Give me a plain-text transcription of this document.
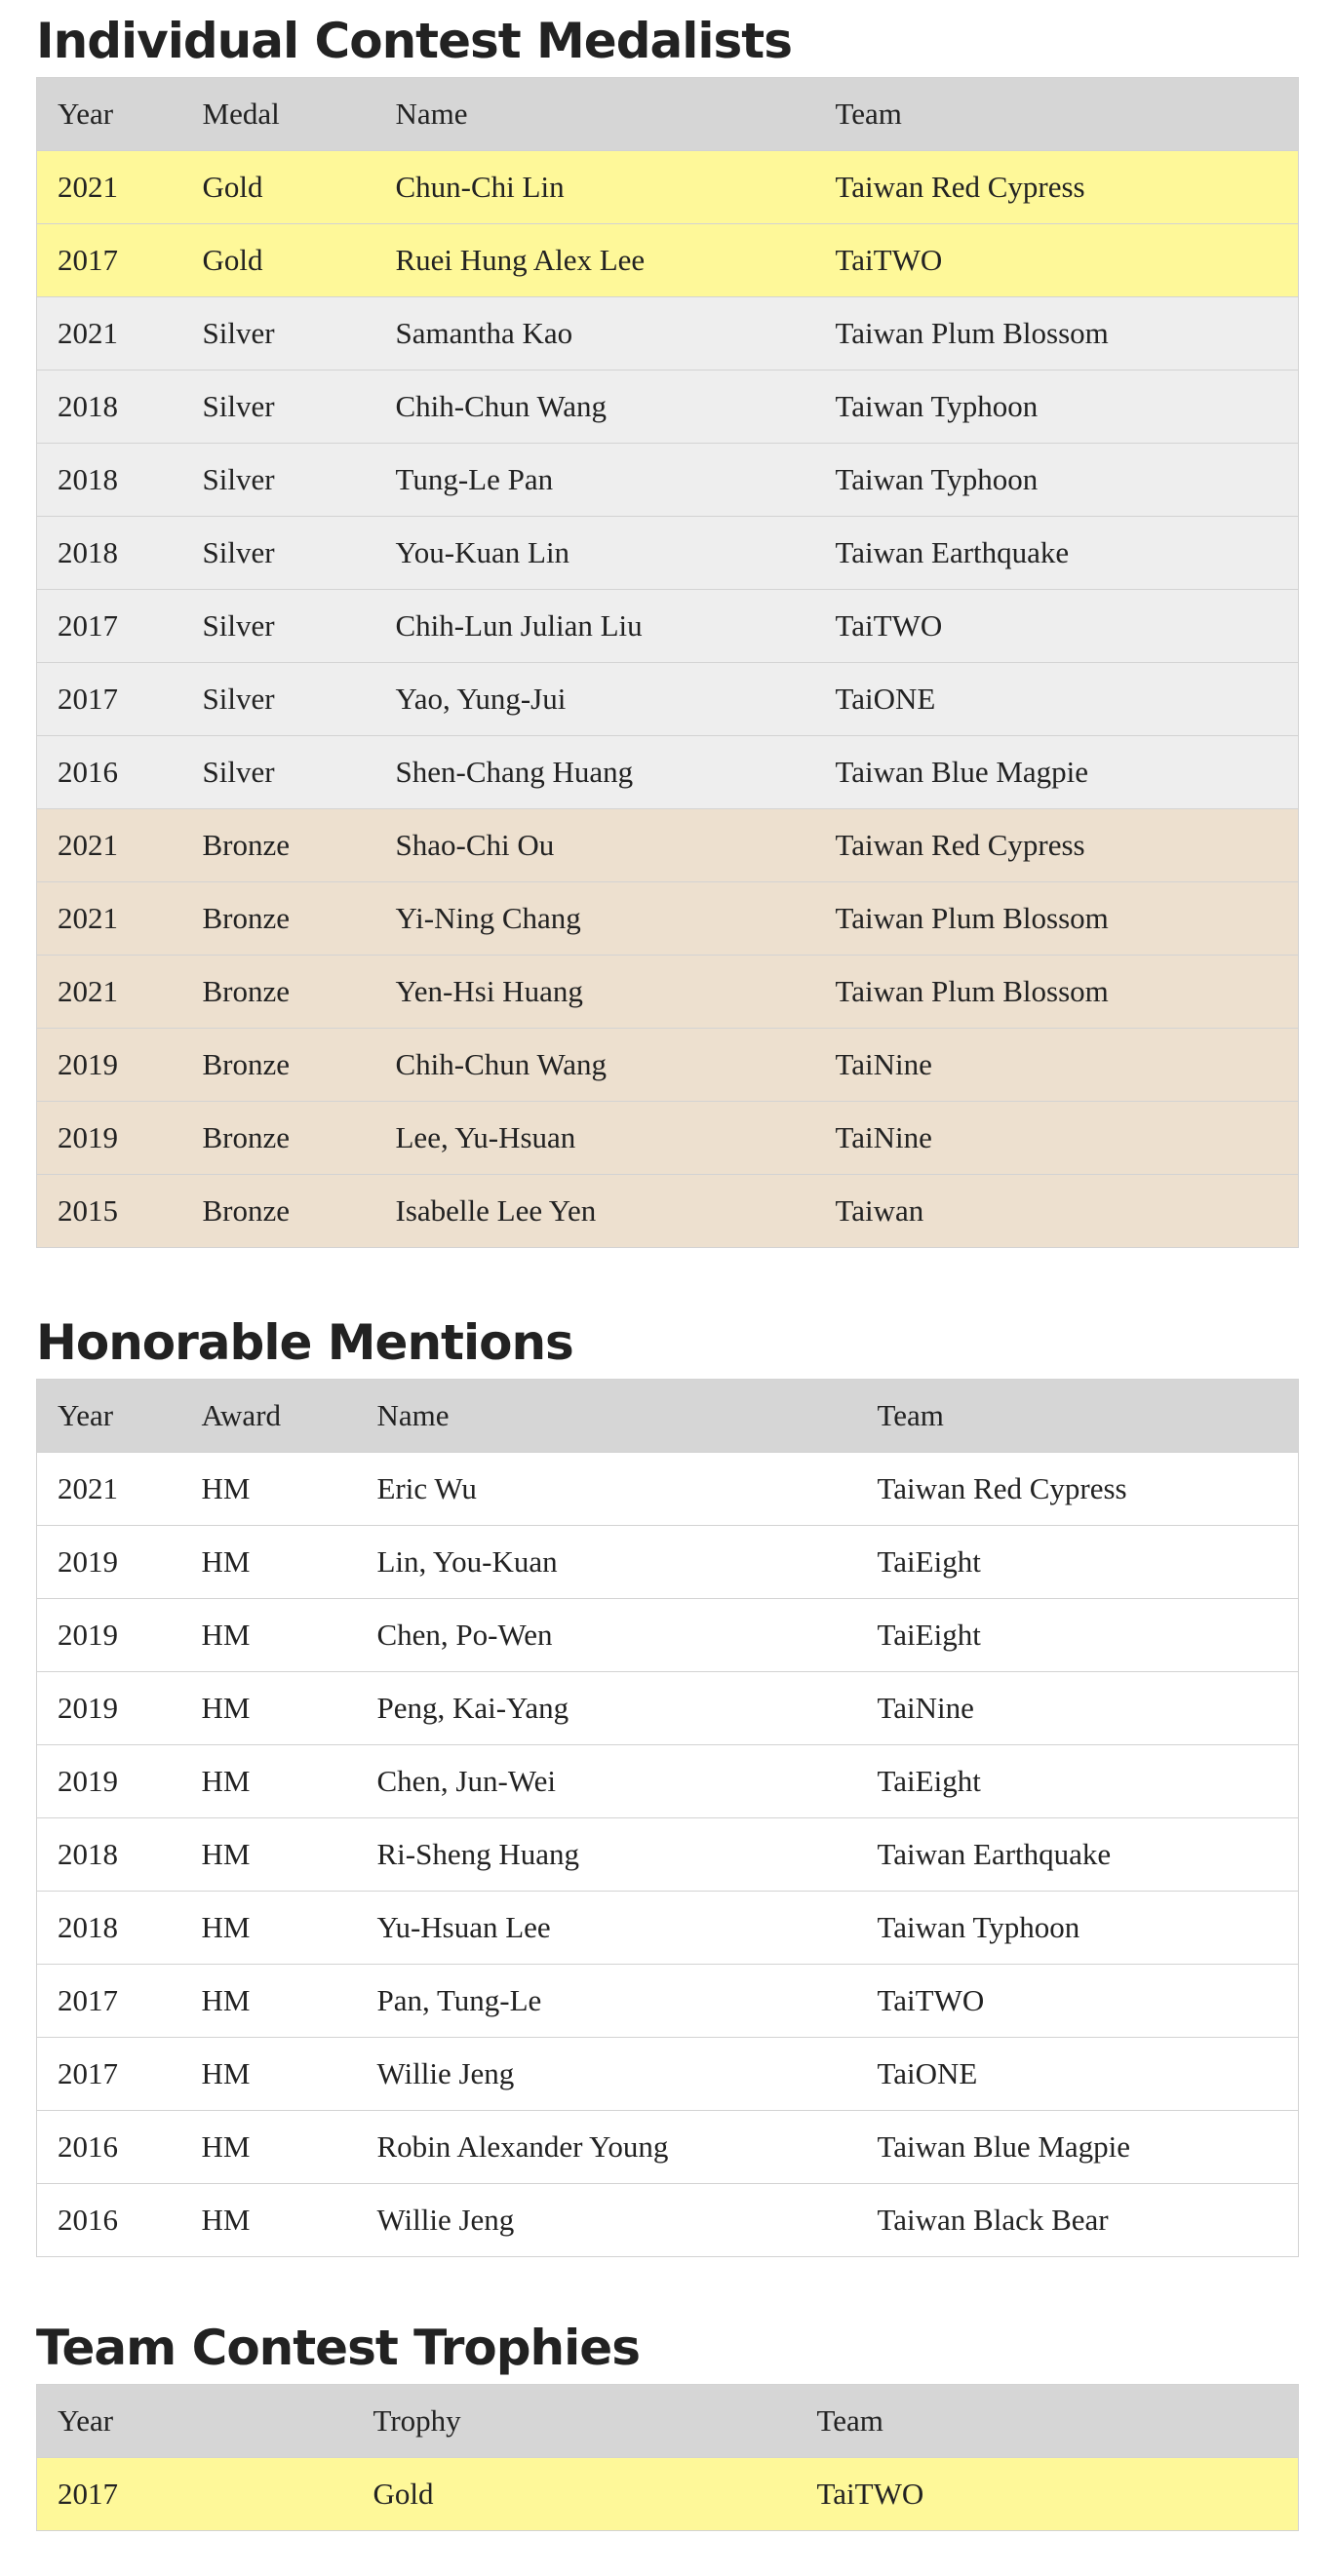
Individual Contest Medalists
Year	Medal	Name	Team
2021	Gold	Chun-Chi Lin	Taiwan Red Cypress
2017	Gold	Ruei Hung Alex Lee	TaiTWO
2021	Silver	Samantha Kao	Taiwan Plum Blossom
2018	Silver	Chih-Chun Wang	Taiwan Typhoon
2018	Silver	Tung-Le Pan	Taiwan Typhoon
2018	Silver	You-Kuan Lin	Taiwan Earthquake
2017	Silver	Chih-Lun Julian Liu	TaiTWO
2017	Silver	Yao, Yung-Jui	TaiONE
2016	Silver	Shen-Chang Huang	Taiwan Blue Magpie
2021	Bronze	Shao-Chi Ou	Taiwan Red Cypress
2021	Bronze	Yi-Ning Chang	Taiwan Plum Blossom
2021	Bronze	Yen-Hsi Huang	Taiwan Plum Blossom
2019	Bronze	Chih-Chun Wang	TaiNine
2019	Bronze	Lee, Yu-Hsuan	TaiNine
2015	Bronze	Isabelle Lee Yen	Taiwan
Honorable Mentions
Year	Award	Name	Team
2021	HM	Eric Wu	Taiwan Red Cypress
2019	HM	Lin, You-Kuan	TaiEight
2019	HM	Chen, Po-Wen	TaiEight
2019	HM	Peng, Kai-Yang	TaiNine
2019	HM	Chen, Jun-Wei	TaiEight
2018	HM	Ri-Sheng Huang	Taiwan Earthquake
2018	HM	Yu-Hsuan Lee	Taiwan Typhoon
2017	HM	Pan, Tung-Le	TaiTWO
2017	HM	Willie Jeng	TaiONE
2016	HM	Robin Alexander Young	Taiwan Blue Magpie
2016	HM	Willie Jeng	Taiwan Black Bear
Team Contest Trophies
Year	Trophy	Team
2017	Gold	TaiTWO
